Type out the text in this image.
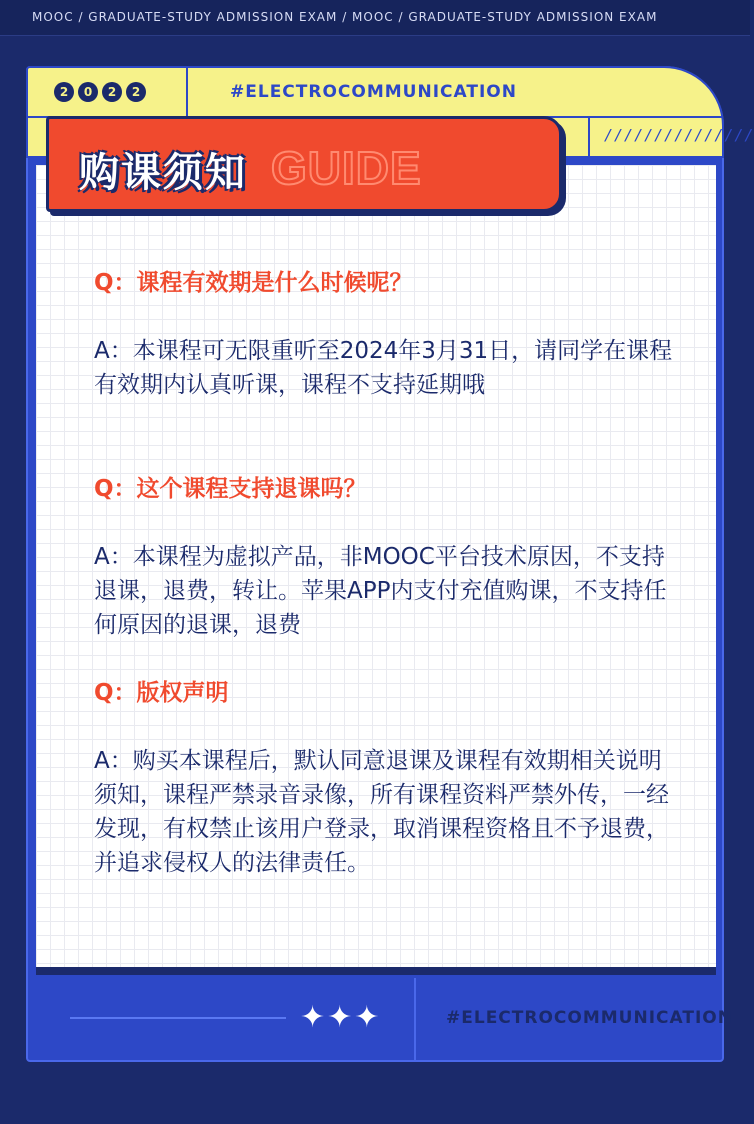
MOOC / GRADUATE-STUDY ADMISSION EXAM / MOOC / GRADUATE-STUDY ADMISSION EXAM
2	0	2	2	#ELECTROCOMMUNICATION
///////////////
GUIDE
购课须知
Q：课程有效期是什么时候呢？
A：本课程可无限重听至2024年3月31日，请同学在课程有效期内认真听课，课程不支持延期哦
Q：这个课程支持退课吗？
A：本课程为虚拟产品，非MOOC平台技术原因，不支持退课，退费，转让。苹果APP内支付充值购课，不支持任何原因的退课，退费
Q：版权声明
A：购买本课程后，默认同意退课及课程有效期相关说明须知，课程严禁录音录像，所有课程资料严禁外传，一经发现，有权禁止该用户登录，取消课程资格且不予退费，并追求侵权人的法律责任。
✦✦✦	#ELECTROCOMMUNICATION
